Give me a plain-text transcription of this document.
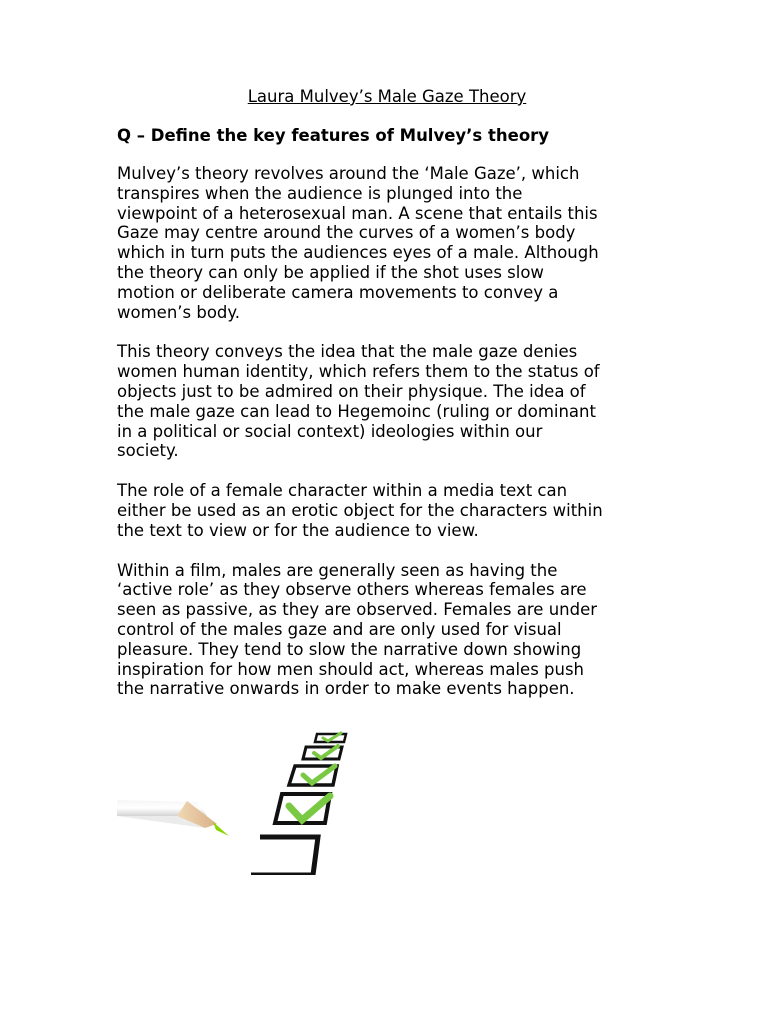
Laura Mulvey’s Male Gaze Theory

Q – Define the key features of Mulvey’s theory

Mulvey’s theory revolves around the ‘Male Gaze’, which
transpires when the audience is plunged into the
viewpoint of a heterosexual man. A scene that entails this
Gaze may centre around the curves of a women’s body
which in turn puts the audiences eyes of a male. Although
the theory can only be applied if the shot uses slow
motion or deliberate camera movements to convey a
women’s body.
This theory conveys the idea that the male gaze denies
women human identity, which refers them to the status of
objects just to be admired on their physique. The idea of
the male gaze can lead to Hegemoinc (ruling or dominant
in a political or social context) ideologies within our
society.
The role of a female character within a media text can
either be used as an erotic object for the characters within
the text to view or for the audience to view.
Within a film, males are generally seen as having the
‘active role’ as they observe others whereas females are
seen as passive, as they are observed. Females are under
control of the males gaze and are only used for visual
pleasure. They tend to slow the narrative down showing
inspiration for how men should act, whereas males push
the narrative onwards in order to make events happen.
